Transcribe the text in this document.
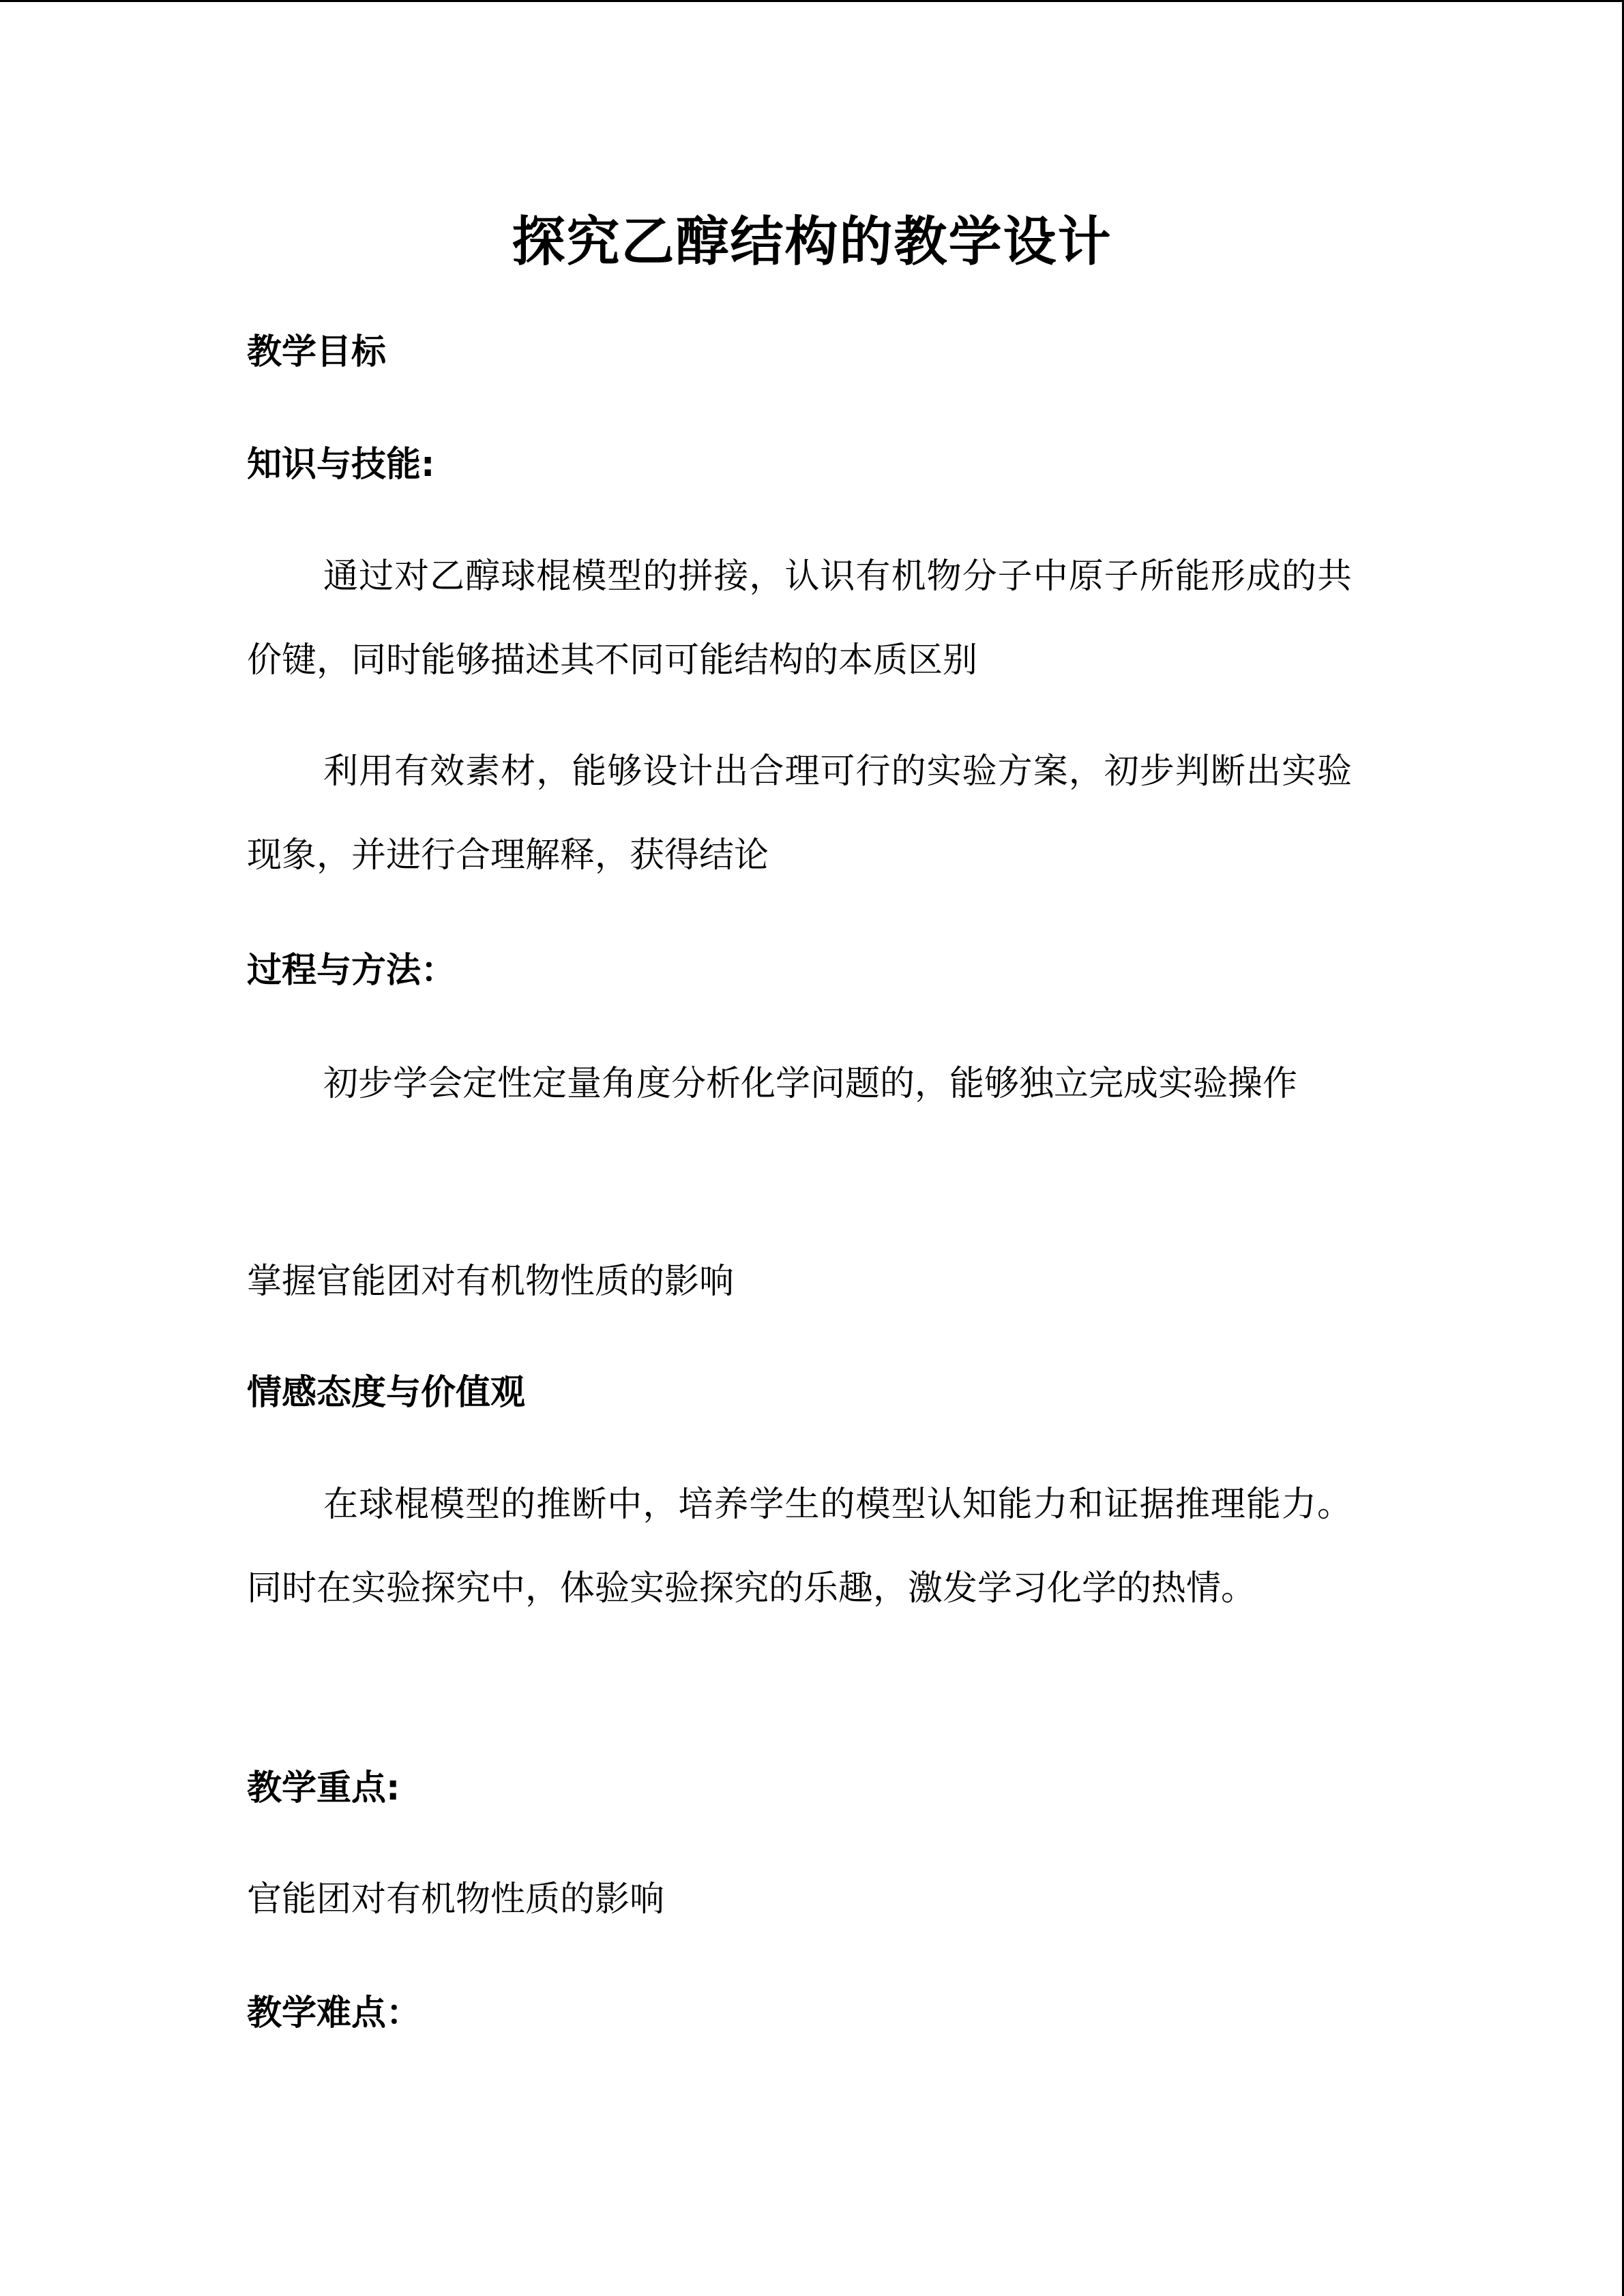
探究乙醇结构的教学设计
教学目标
知识与技能:

通过对乙醇球棍模型的拼接，认识有机物分子中原子所能形成的共价键，同时能够描述其不同可能结构的本质区别

利用有效素材，能够设计出合理可行的实验方案，初步判断出实验现象，并进行合理解释，获得结论

过程与方法：

初步学会定性定量角度分析化学问题的，能够独立完成实验操作

掌握官能团对有机物性质的影响
情感态度与价值观

在球棍模型的推断中，培养学生的模型认知能力和证据推理能力。同时在实验探究中，体验实验探究的乐趣，激发学习化学的热情。

教学重点:
官能团对有机物性质的影响
教学难点：
